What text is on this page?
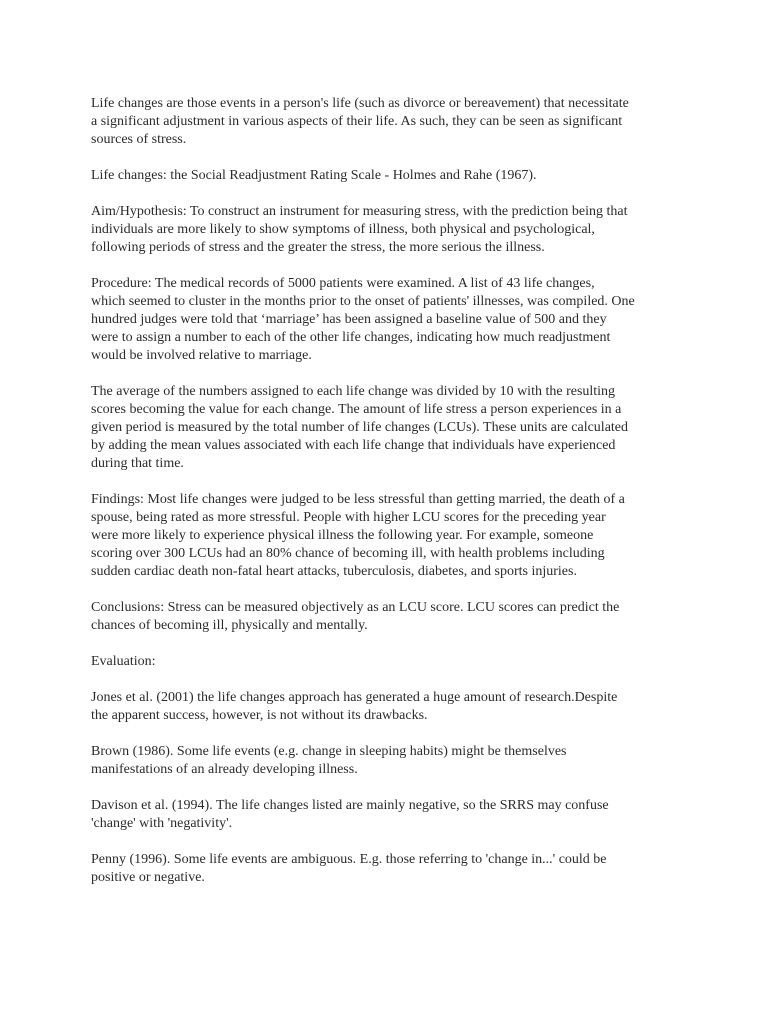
Life changes are those events in a person's life (such as divorce or bereavement) that necessitate
a significant adjustment in various aspects of their life. As such, they can be seen as significant
sources of stress.

Life changes: the Social Readjustment Rating Scale - Holmes and Rahe (1967).

Aim/Hypothesis: To construct an instrument for measuring stress, with the prediction being that
individuals are more likely to show symptoms of illness, both physical and psychological,
following periods of stress and the greater the stress, the more serious the illness.

Procedure: The medical records of 5000 patients were examined. A list of 43 life changes,
which seemed to cluster in the months prior to the onset of patients' illnesses, was compiled. One
hundred judges were told that ‘marriage’ has been assigned a baseline value of 500 and they
were to assign a number to each of the other life changes, indicating how much readjustment
would be involved relative to marriage.

The average of the numbers assigned to each life change was divided by 10 with the resulting
scores becoming the value for each change. The amount of life stress a person experiences in a
given period is measured by the total number of life changes (LCUs). These units are calculated
by adding the mean values associated with each life change that individuals have experienced
during that time.

Findings: Most life changes were judged to be less stressful than getting married, the death of a
spouse, being rated as more stressful. People with higher LCU scores for the preceding year
were more likely to experience physical illness the following year. For example, someone
scoring over 300 LCUs had an 80% chance of becoming ill, with health problems including
sudden cardiac death non-fatal heart attacks, tuberculosis, diabetes, and sports injuries.

Conclusions: Stress can be measured objectively as an LCU score. LCU scores can predict the
chances of becoming ill, physically and mentally.

Evaluation:

Jones et al. (2001) the life changes approach has generated a huge amount of research.Despite
the apparent success, however, is not without its drawbacks.

Brown (1986). Some life events (e.g. change in sleeping habits) might be themselves
manifestations of an already developing illness.

Davison et al. (1994). The life changes listed are mainly negative, so the SRRS may confuse
'change' with 'negativity'.

Penny (1996). Some life events are ambiguous. E.g. those referring to 'change in...' could be
positive or negative.
